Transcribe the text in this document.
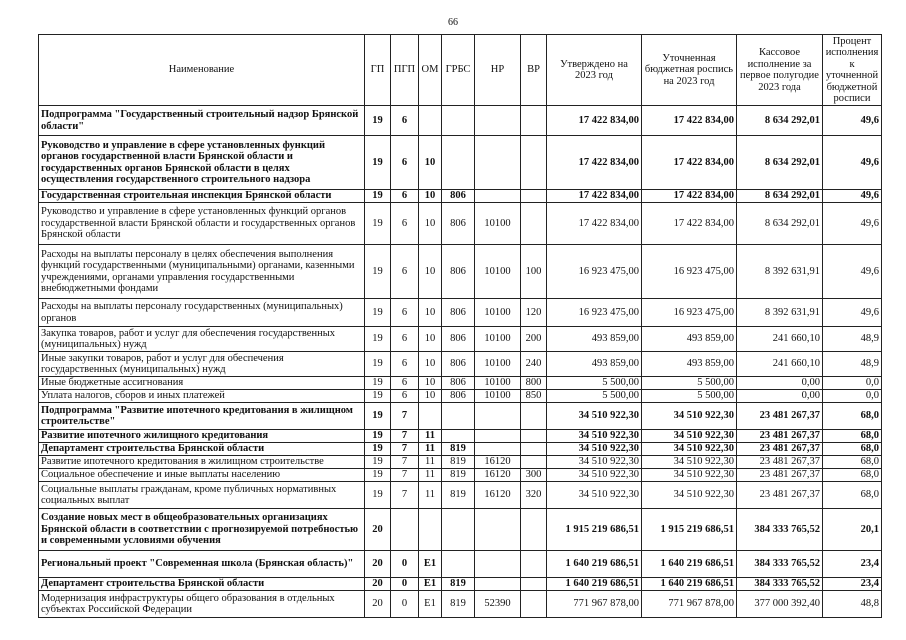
66
Наименование	ГП	ПГП	ОМ	ГРБС	НР	ВР	Утверждено на 2023 год	Уточненная бюджетная роспись на 2023 год	Кассовое исполнение за первое полугодие 2023 года	Процент исполнения к уточненной бюджетной росписи
Подпрограмма "Государственный строительный надзор Брянской области"	19	6					17 422 834,00	17 422 834,00	8 634 292,01	49,6
Руководство и управление в сфере установленных функций органов государственной власти Брянской области и государственных органов Брянской области в целях осуществления государственного строительного надзора	19	6	10				17 422 834,00	17 422 834,00	8 634 292,01	49,6
Государственная строительная инспекция Брянской области	19	6	10	806			17 422 834,00	17 422 834,00	8 634 292,01	49,6
Руководство и управление в сфере установленных функций органов государственной власти Брянской области и государственных органов Брянской области	19	6	10	806	10100		17 422 834,00	17 422 834,00	8 634 292,01	49,6
Расходы на выплаты персоналу в целях обеспечения выполнения функций государственными (муниципальными) органами, казенными учреждениями, органами управления государственными внебюджетными фондами	19	6	10	806	10100	100	16 923 475,00	16 923 475,00	8 392 631,91	49,6
Расходы на выплаты персоналу государственных (муниципальных) органов	19	6	10	806	10100	120	16 923 475,00	16 923 475,00	8 392 631,91	49,6
Закупка товаров, работ и услуг для обеспечения государственных (муниципальных) нужд	19	6	10	806	10100	200	493 859,00	493 859,00	241 660,10	48,9
Иные закупки товаров, работ и услуг для обеспечения государственных (муниципальных) нужд	19	6	10	806	10100	240	493 859,00	493 859,00	241 660,10	48,9
Иные бюджетные ассигнования	19	6	10	806	10100	800	5 500,00	5 500,00	0,00	0,0
Уплата налогов, сборов и иных платежей	19	6	10	806	10100	850	5 500,00	5 500,00	0,00	0,0
Подпрограмма "Развитие ипотечного кредитования в жилищном строительстве"	19	7					34 510 922,30	34 510 922,30	23 481 267,37	68,0
Развитие ипотечного жилищного кредитования	19	7	11				34 510 922,30	34 510 922,30	23 481 267,37	68,0
Департамент строительства Брянской области	19	7	11	819			34 510 922,30	34 510 922,30	23 481 267,37	68,0
Развитие ипотечного кредитования в жилищном строительстве	19	7	11	819	16120		34 510 922,30	34 510 922,30	23 481 267,37	68,0
Социальное обеспечение и иные выплаты населению	19	7	11	819	16120	300	34 510 922,30	34 510 922,30	23 481 267,37	68,0
Социальные выплаты гражданам, кроме публичных нормативных социальных выплат	19	7	11	819	16120	320	34 510 922,30	34 510 922,30	23 481 267,37	68,0
Создание новых мест в общеобразовательных организациях Брянской области в соответствии с прогнозируемой потребностью и современными условиями обучения	20						1 915 219 686,51	1 915 219 686,51	384 333 765,52	20,1
Региональный проект "Современная школа (Брянская область)"	20	0	Е1				1 640 219 686,51	1 640 219 686,51	384 333 765,52	23,4
Департамент строительства Брянской области	20	0	Е1	819			1 640 219 686,51	1 640 219 686,51	384 333 765,52	23,4
Модернизация инфраструктуры общего образования в отдельных субъектах Российской Федерации	20	0	Е1	819	52390		771 967 878,00	771 967 878,00	377 000 392,40	48,8
